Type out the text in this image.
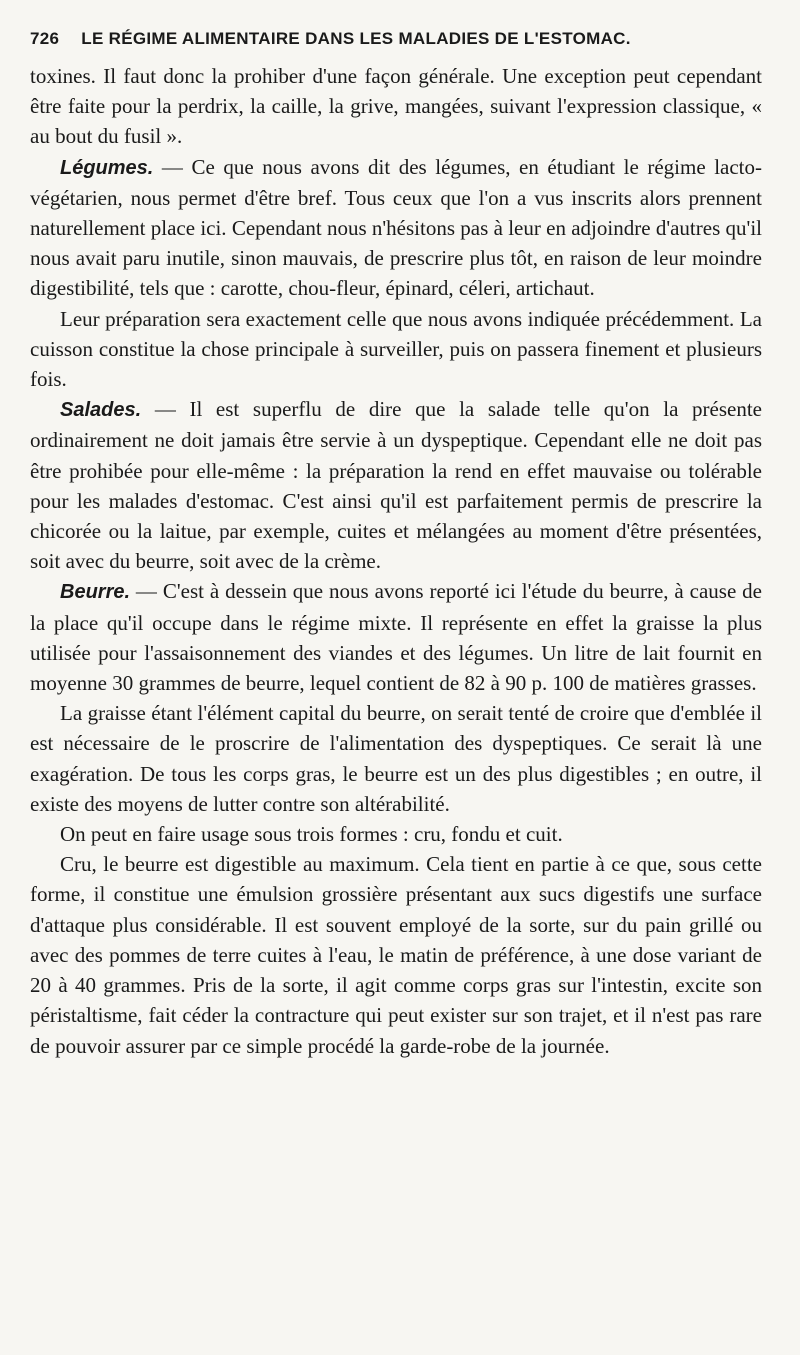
726 LE RÉGIME ALIMENTAIRE DANS LES MALADIES DE L'ESTOMAC.

toxines. Il faut donc la prohiber d'une façon générale. Une exception peut cependant être faite pour la perdrix, la caille, la grive, mangées, suivant l'expression classique, « au bout du fusil ».

Légumes. — Ce que nous avons dit des légumes, en étudiant le régime lacto-végétarien, nous permet d'être bref. Tous ceux que l'on a vus inscrits alors prennent naturellement place ici. Cependant nous n'hésitons pas à leur en adjoindre d'autres qu'il nous avait paru inutile, sinon mauvais, de prescrire plus tôt, en raison de leur moindre digestibilité, tels que : carotte, chou-fleur, épinard, céleri, artichaut.

Leur préparation sera exactement celle que nous avons indiquée précédemment. La cuisson constitue la chose principale à surveiller, puis on passera finement et plusieurs fois.

Salades. — Il est superflu de dire que la salade telle qu'on la présente ordinairement ne doit jamais être servie à un dyspeptique. Cependant elle ne doit pas être prohibée pour elle-même : la préparation la rend en effet mauvaise ou tolérable pour les malades d'estomac. C'est ainsi qu'il est parfaitement permis de prescrire la chicorée ou la laitue, par exemple, cuites et mélangées au moment d'être présentées, soit avec du beurre, soit avec de la crème.

Beurre. — C'est à dessein que nous avons reporté ici l'étude du beurre, à cause de la place qu'il occupe dans le régime mixte. Il représente en effet la graisse la plus utilisée pour l'assaisonnement des viandes et des légumes. Un litre de lait fournit en moyenne 30 grammes de beurre, lequel contient de 82 à 90 p. 100 de matières grasses.

La graisse étant l'élément capital du beurre, on serait tenté de croire que d'emblée il est nécessaire de le proscrire de l'alimentation des dyspeptiques. Ce serait là une exagération. De tous les corps gras, le beurre est un des plus digestibles ; en outre, il existe des moyens de lutter contre son altérabilité.

On peut en faire usage sous trois formes : cru, fondu et cuit.

Cru, le beurre est digestible au maximum. Cela tient en partie à ce que, sous cette forme, il constitue une émulsion grossière présentant aux sucs digestifs une surface d'attaque plus considérable. Il est souvent employé de la sorte, sur du pain grillé ou avec des pommes de terre cuites à l'eau, le matin de préférence, à une dose variant de 20 à 40 grammes. Pris de la sorte, il agit comme corps gras sur l'intestin, excite son péristaltisme, fait céder la contracture qui peut exister sur son trajet, et il n'est pas rare de pouvoir assurer par ce simple procédé la garde-robe de la journée.
